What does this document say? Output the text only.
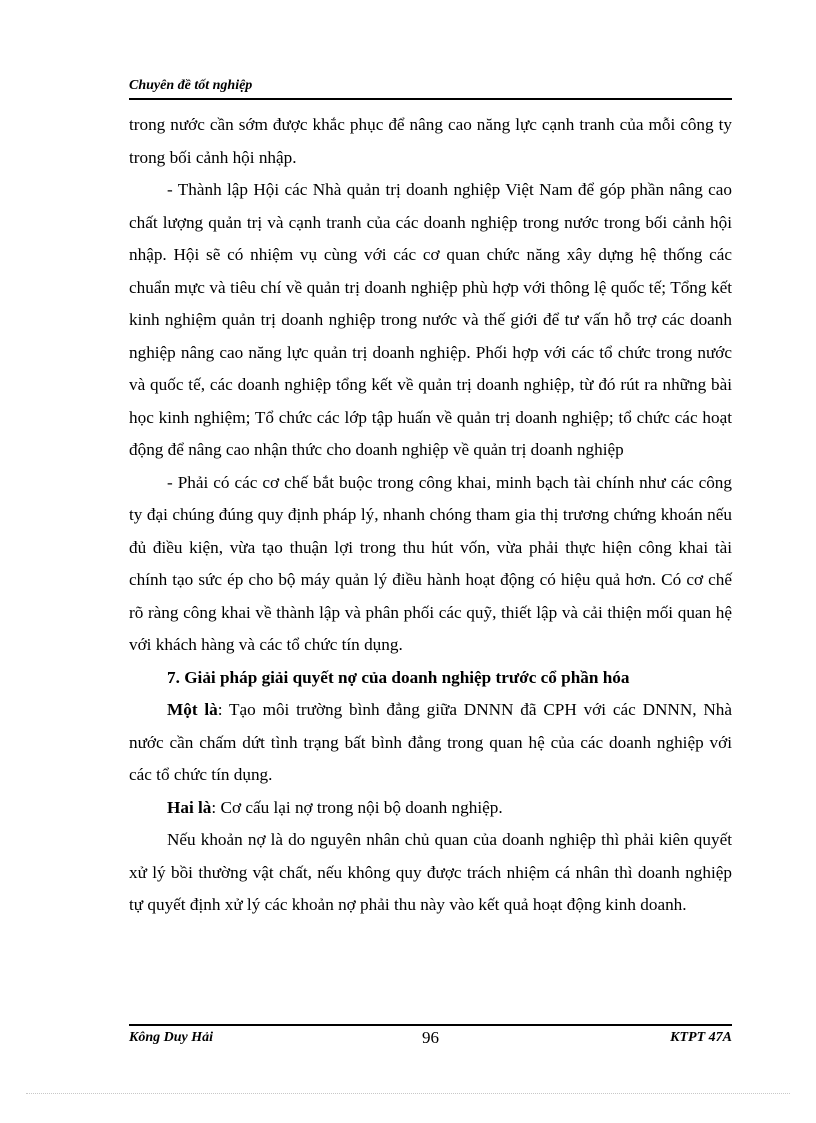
Chuyên đề tốt nghiệp

trong nước cần sớm được khắc phục để nâng cao năng lực cạnh tranh của mỗi công ty trong bối cảnh hội nhập.

- Thành lập Hội các Nhà quản trị doanh nghiệp Việt Nam để góp phần nâng cao chất lượng quản trị và cạnh tranh của các doanh nghiệp trong nước trong bối cảnh hội nhập. Hội sẽ có nhiệm vụ cùng với các cơ quan chức năng xây dựng hệ thống các chuẩn mực và tiêu chí về quản trị doanh nghiệp phù hợp với thông lệ quốc tế; Tổng kết kinh nghiệm quản trị doanh nghiệp trong nước và thế giới để tư vấn hỗ trợ các doanh nghiệp nâng cao năng lực quản trị doanh nghiệp. Phối hợp với các tổ chức trong nước và quốc tế, các doanh nghiệp tổng kết về quản trị doanh nghiệp, từ đó rút ra những bài học kinh nghiệm; Tổ chức các lớp tập huấn về quản trị doanh nghiệp; tổ chức các hoạt động để nâng cao nhận thức cho doanh nghiệp về quản trị doanh nghiệp

- Phải có các cơ chế bắt buộc trong công khai, minh bạch tài chính như các công ty đại chúng đúng quy định pháp lý, nhanh chóng tham gia thị trương chứng khoán nếu đủ điều kiện, vừa tạo thuận lợi trong thu hút vốn, vừa phải thực hiện công khai tài chính tạo sức ép cho bộ máy quản lý điều hành hoạt động có hiệu quả hơn. Có cơ chế rõ ràng công khai về thành lập và phân phối các quỹ, thiết lập và cải thiện mối quan hệ với khách hàng và các tổ chức tín dụng.

7. Giải pháp giải quyết nợ của doanh nghiệp trước cổ phần hóa

Một là: Tạo môi trường bình đẳng giữa DNNN đã CPH với các DNNN, Nhà nước cần chấm dứt tình trạng bất bình đẳng trong quan hệ của các doanh nghiệp với các tổ chức tín dụng.

Hai là: Cơ cấu lại nợ trong nội bộ doanh nghiệp.

Nếu khoản nợ là do nguyên nhân chủ quan của doanh nghiệp thì phải kiên quyết xử lý bồi thường vật chất, nếu không quy được trách nhiệm cá nhân thì doanh nghiệp tự quyết định xử lý các khoản nợ phải thu này vào kết quả hoạt động kinh doanh.

Kông Duy Hải	96	KTPT 47A
